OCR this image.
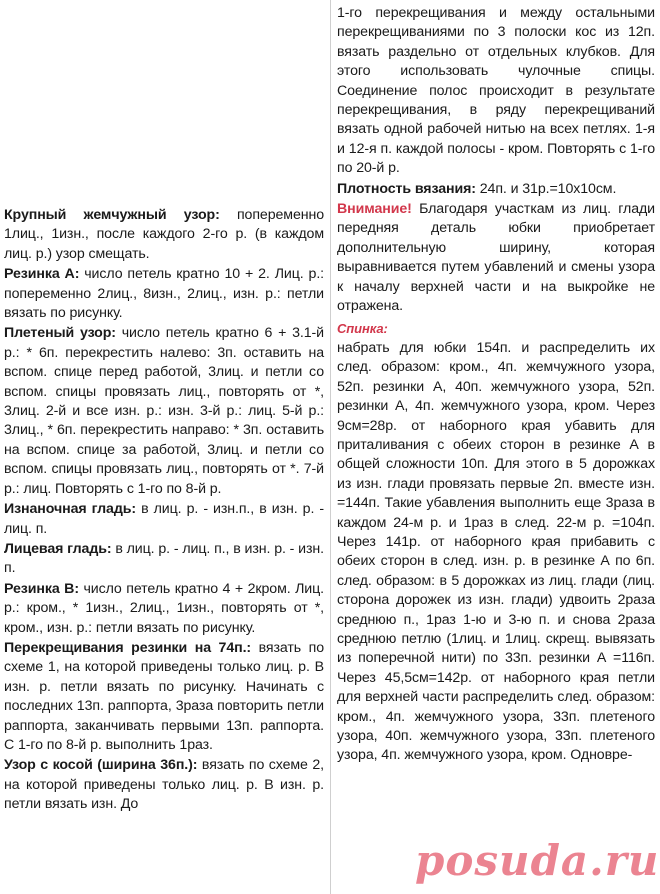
Крупный жемчужный узор: попеременно 1лиц., 1изн., после каждого 2-го р. (в каждом лиц. р.) узор смещать.

Резинка А: число петель кратно 10 + 2. Лиц. р.: попеременно 2лиц., 8изн., 2лиц., изн. р.: петли вязать по рисунку.

Плетеный узор: число петель кратно 6 + 3.1-й р.: * 6п. перекрестить налево: 3п. оставить на вспом. спице перед работой, 3лиц. и петли со вспом. спицы провязать лиц., повторять от *, 3лиц. 2-й и все изн. р.: изн. 3-й р.: лиц. 5-й р.: 3лиц., * 6п. перекрестить направо: * 3п. оставить на вспом. спице за работой, 3лиц. и петли со вспом. спицы провязать лиц., повторять от *. 7-й р.: лиц. Повторять с 1-го по 8-й р.

Изнаночная гладь: в лиц. р. - изн.п., в изн. р. - лиц. п.

Лицевая гладь: в лиц. р. - лиц. п., в изн. р. - изн. п.

Резинка В: число петель кратно 4 + 2кром. Лиц. р.: кром., * 1изн., 2лиц., 1изн., повторять от *, кром., изн. р.: петли вязать по рисунку.

Перекрещивания резинки на 74п.: вязать по схеме 1, на которой приведены только лиц. р. В изн. р. петли вязать по рисунку. Начинать с последних 13п. раппорта, 3раза повторить петли раппорта, заканчивать первыми 13п. раппорта. С 1-го по 8-й р. выполнить 1раз.

Узор с косой (ширина 36п.): вязать по схеме 2, на которой приведены только лиц. р. В изн. р. петли вязать изн. До

1-го перекрещивания и между остальными перекрещиваниями по 3 полоски кос из 12п. вязать раздельно от отдельных клубков. Для этого использовать чулочные спицы. Соединение полос происходит в результате перекрещивания, в ряду перекрещиваний вязать одной рабочей нитью на всех петлях. 1-я и 12-я п. каждой полосы - кром. Повторять с 1-го по 20-й р.

Плотность вязания: 24п. и 31р.=10x10см.

Внимание! Благодаря участкам из лиц. глади передняя деталь юбки приобретает дополнительную ширину, которая выравнивается путем убавлений и смены узора к началу верхней части и на выкройке не отражена.

Спинка:

набрать для юбки 154п. и распределить их след. образом: кром., 4п. жемчужного узора, 52п. резинки А, 40п. жемчужного узора, 52п. резинки А, 4п. жемчужного узора, кром. Через 9см=28р. от наборного края убавить для приталивания с обеих сторон в резинке А в общей сложности 10п. Для этого в 5 дорожках из изн. глади провязать первые 2п. вместе изн. =144п. Такие убавления выполнить еще 3раза в каждом 24-м р. и 1раз в след. 22-м р. =104п. Через 141р. от наборного края прибавить с обеих сторон в след. изн. р. в резинке А по 6п. след. образом: в 5 дорожках из лиц. глади (лиц. сторона дорожек из изн. глади) удвоить 2раза среднюю п., 1раз 1-ю и 3-ю п. и снова 2раза среднюю петлю (1лиц. и 1лиц. скрещ. вывязать из поперечной нити) по 33п. резинки А =116п. Через 45,5см=142р. от наборного края петли для верхней части распределить след. образом: кром., 4п. жемчужного узора, 33п. плетеного узора, 40п. жемчужного узора, 33п. плетеного узора, 4п. жемчужного узора, кром. Одновре-

posuda.ru
